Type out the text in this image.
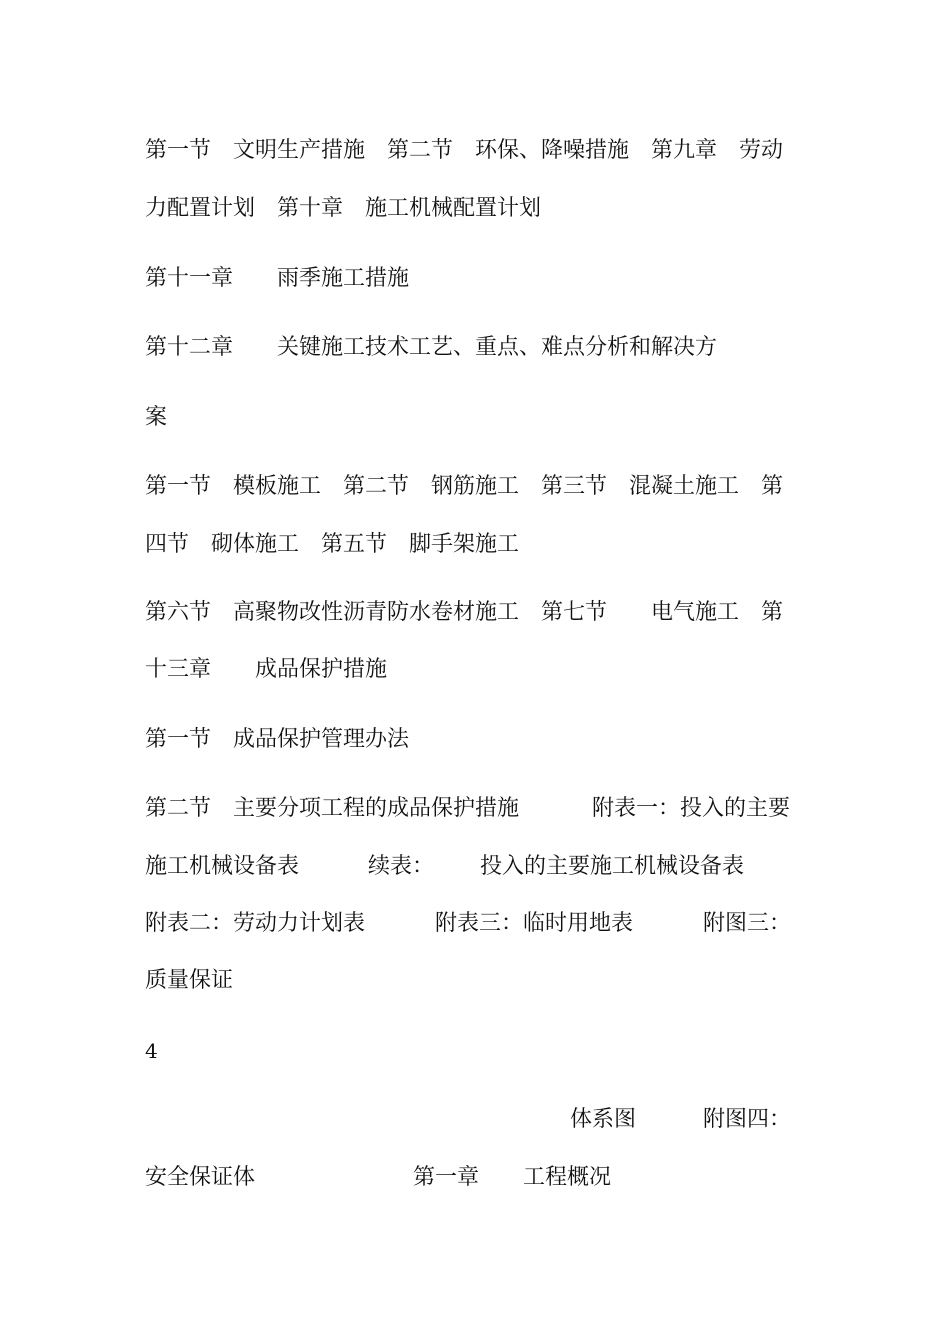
第一节　文明生产措施　第二节　环保、降噪措施　第九章　劳动
力配置计划　第十章　施工机械配置计划
第十一章　　雨季施工措施
第十二章　　关键施工技术工艺、重点、难点分析和解决方
案
第一节　模板施工　第二节　钢筋施工　第三节　混凝土施工　第
四节　砌体施工　第五节　脚手架施工
第六节　高聚物改性沥青防水卷材施工　第七节　　电气施工　第
十三章　　成品保护措施
第一节　成品保护管理办法
第二节　主要分项工程的成品保护措施	附表一：投入的主要
施工机械设备表	续表： 投入的主要施工机械设备表
附表二：劳动力计划表	附表三：临时用地表	附图三：
质量保证
4
体系图	附图四：
安全保证体	第一章　　工程概况
